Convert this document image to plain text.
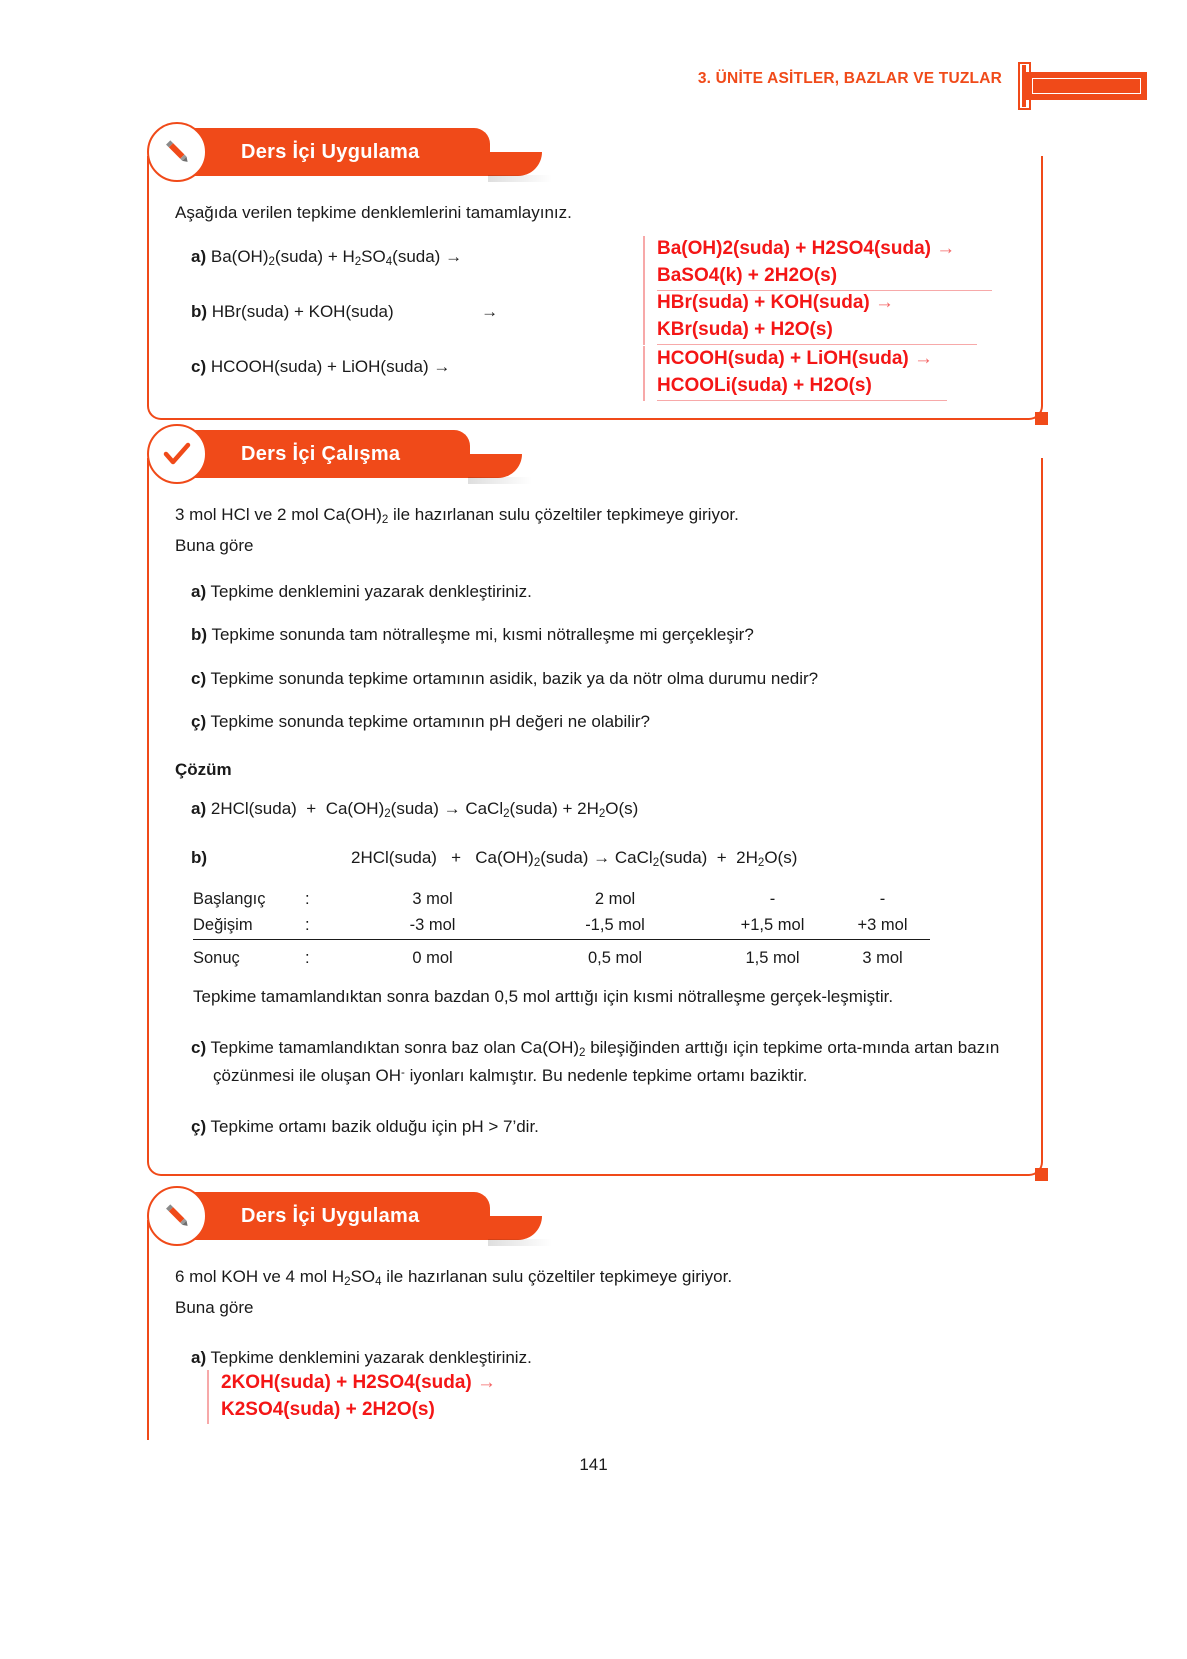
3. ÜNİTE ASİTLER, BAZLAR VE TUZLAR

Aşağıda verilen tepkime denklemlerini tamamlayınız.

a) $Ba(OH)_2(suda)$ + $H_2SO_4(suda)$ →
b) HBr(suda) + KOH(suda)	→
c) HCOOH(suda) + LiOH(suda) →
Ba(OH)2(suda) + H2SO4(suda) →
BaSO4(k) + 2H2O(s)
HBr(suda) + KOH(suda) →
KBr(suda) + H2O(s)
HCOOH(suda) + LiOH(suda) →
HCOOLi(suda) + H2O(s)
Ders İçi Uygulama

3 mol HCl ve 2 mol $Ca(OH)_2$ ile hazırlanan sulu çözeltiler tepkimeye giriyor.

Buna göre

a) Tepkime denklemini yazarak denkleştiriniz.
b) Tepkime sonunda tam nötralleşme mi, kısmi nötralleşme mi gerçekleşir?
c) Tepkime sonunda tepkime ortamının asidik, bazik ya da nötr olma durumu nedir?
ç) Tepkime sonunda tepkime ortamının pH değeri ne olabilir?

Çözüm

a) 2HCl(suda) + $Ca(OH)_2(suda)$ → CaCl$_2$(suda) + $2H_2O(s)$
b)	2HCl(suda) + $Ca(OH)_2(suda)$ → CaCl$_2$(suda) + $2H_2O(s)$
Başlangıç	:	3 mol	2 mol	-	-
Değişim	:	-3 mol	-1,5 mol	+1,5 mol	+3 mol
Sonuç	:	0 mol	0,5 mol	1,5 mol	3 mol

Tepkime tamamlandıktan sonra bazdan 0,5 mol arttığı için kısmi nötralleşme gerçek-leşmiştir.

c) Tepkime tamamlandıktan sonra baz olan $Ca(OH)_2$ bileşiğinden arttığı için tepkime orta-mında artan bazın çözünmesi ile oluşan OH- iyonları kalmıştır. Bu nedenle tepkime ortamı baziktir.

ç) Tepkime ortamı bazik olduğu için pH > 7’dir.

Ders İçi Çalışma

6 mol KOH ve 4 mol $H_2SO_4$ ile hazırlanan sulu çözeltiler tepkimeye giriyor.

Buna göre

a) Tepkime denklemini yazarak denkleştiriniz.
2KOH(suda) + H2SO4(suda) →
K2SO4(suda) + 2H2O(s)
Ders İçi Uygulama
141
